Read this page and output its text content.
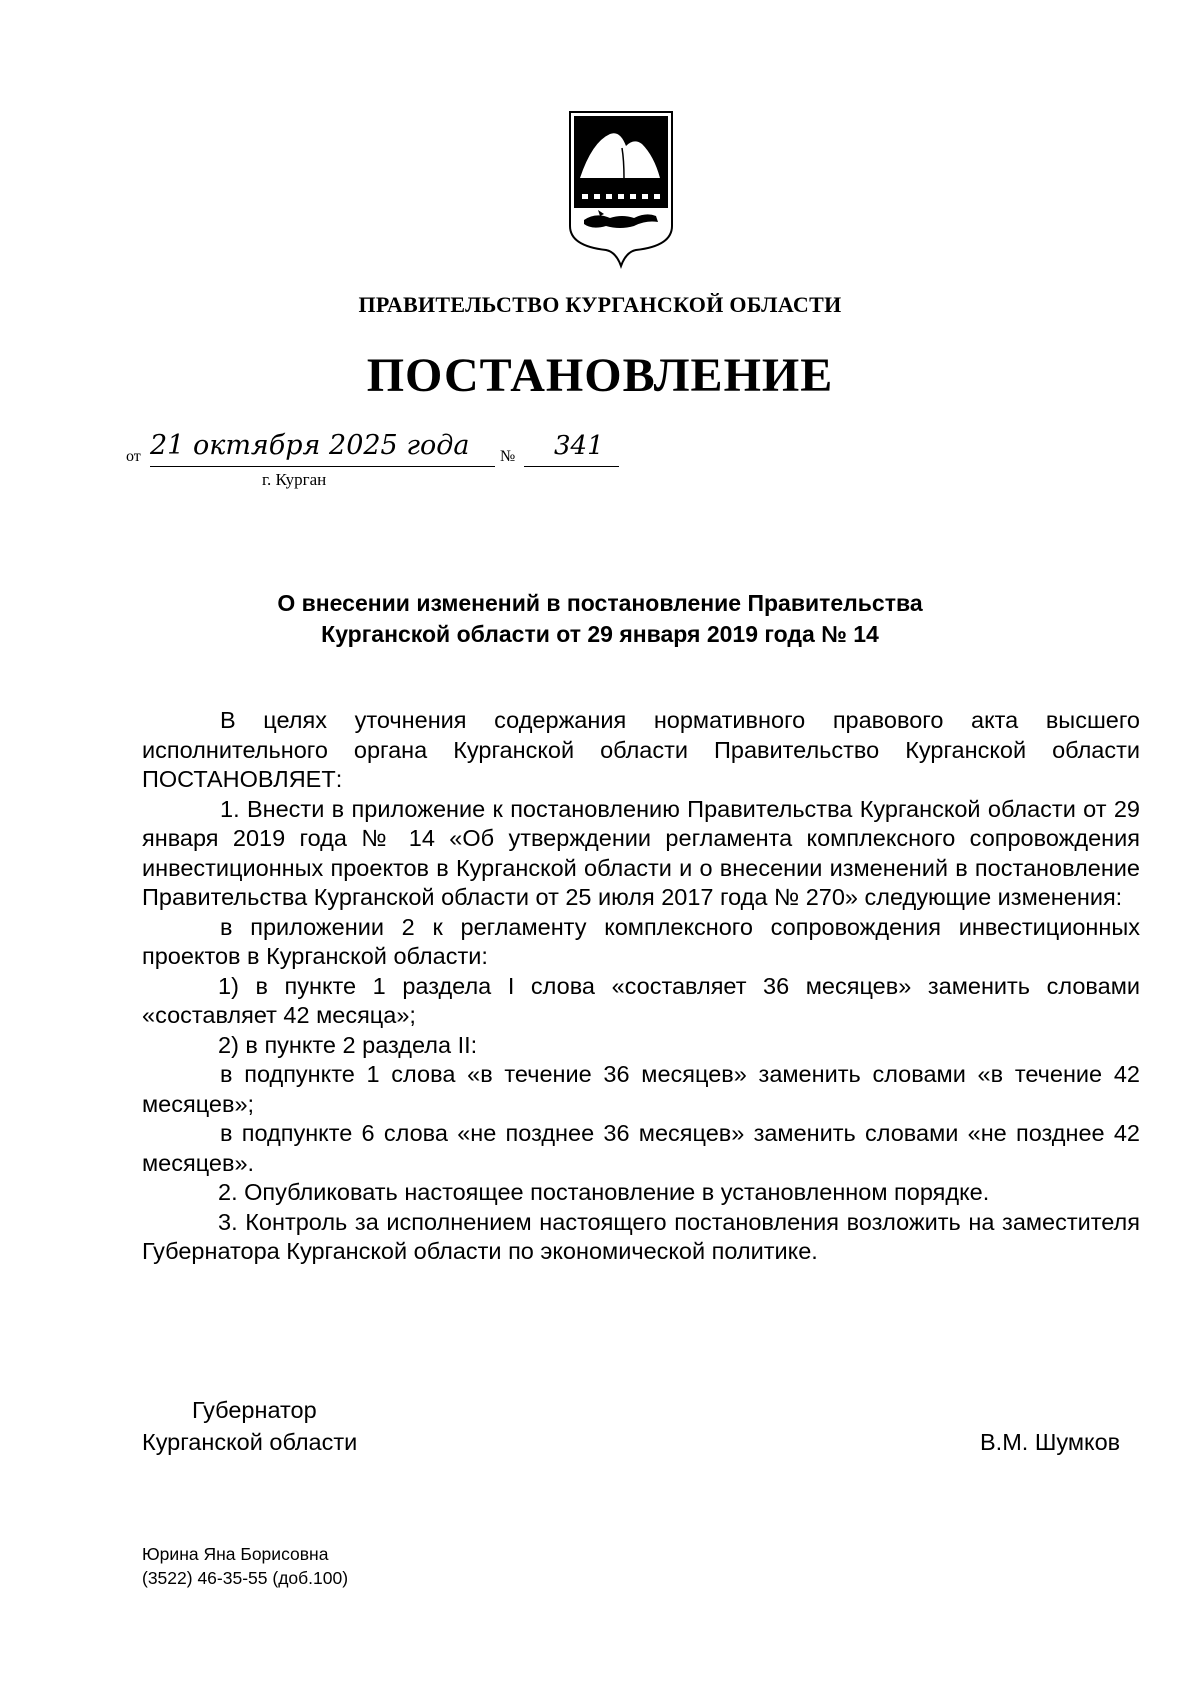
ПРАВИТЕЛЬСТВО КУРГАНСКОЙ ОБЛАСТИ
ПОСТАНОВЛЕНИЕ
от 21 октября 2025 года	№	341
г. Курган
О внесении изменений в постановление Правительства
Курганской области от 29 января 2019 года № 14

В целях уточнения содержания нормативного правового акта высшего исполнительного органа Курганской области Правительство Курганской области ПОСТАНОВЛЯЕТ:

1. Внести в приложение к постановлению Правительства Курганской области от 29 января 2019 года № 14 «Об утверждении регламента комплексного сопровождения инвестиционных проектов в Курганской области и о внесении изменений в постановление Правительства Курганской области от 25 июля 2017 года № 270» следующие изменения:

в приложении 2 к регламенту комплексного сопровождения инвестиционных проектов в Курганской области:

1) в пункте 1 раздела I слова «составляет 36 месяцев» заменить словами «составляет 42 месяца»;

2) в пункте 2 раздела II:

в подпункте 1 слова «в течение 36 месяцев» заменить словами «в течение 42 месяцев»;

в подпункте 6 слова «не позднее 36 месяцев» заменить словами «не позднее 42 месяцев».

2. Опубликовать настоящее постановление в установленном порядке.

3. Контроль за исполнением настоящего постановления возложить на заместителя Губернатора Курганской области по экономической политике.

Губернатор
Курганской области	В.М. Шумков
Юрина Яна Борисовна
(3522) 46-35-55 (доб.100)
